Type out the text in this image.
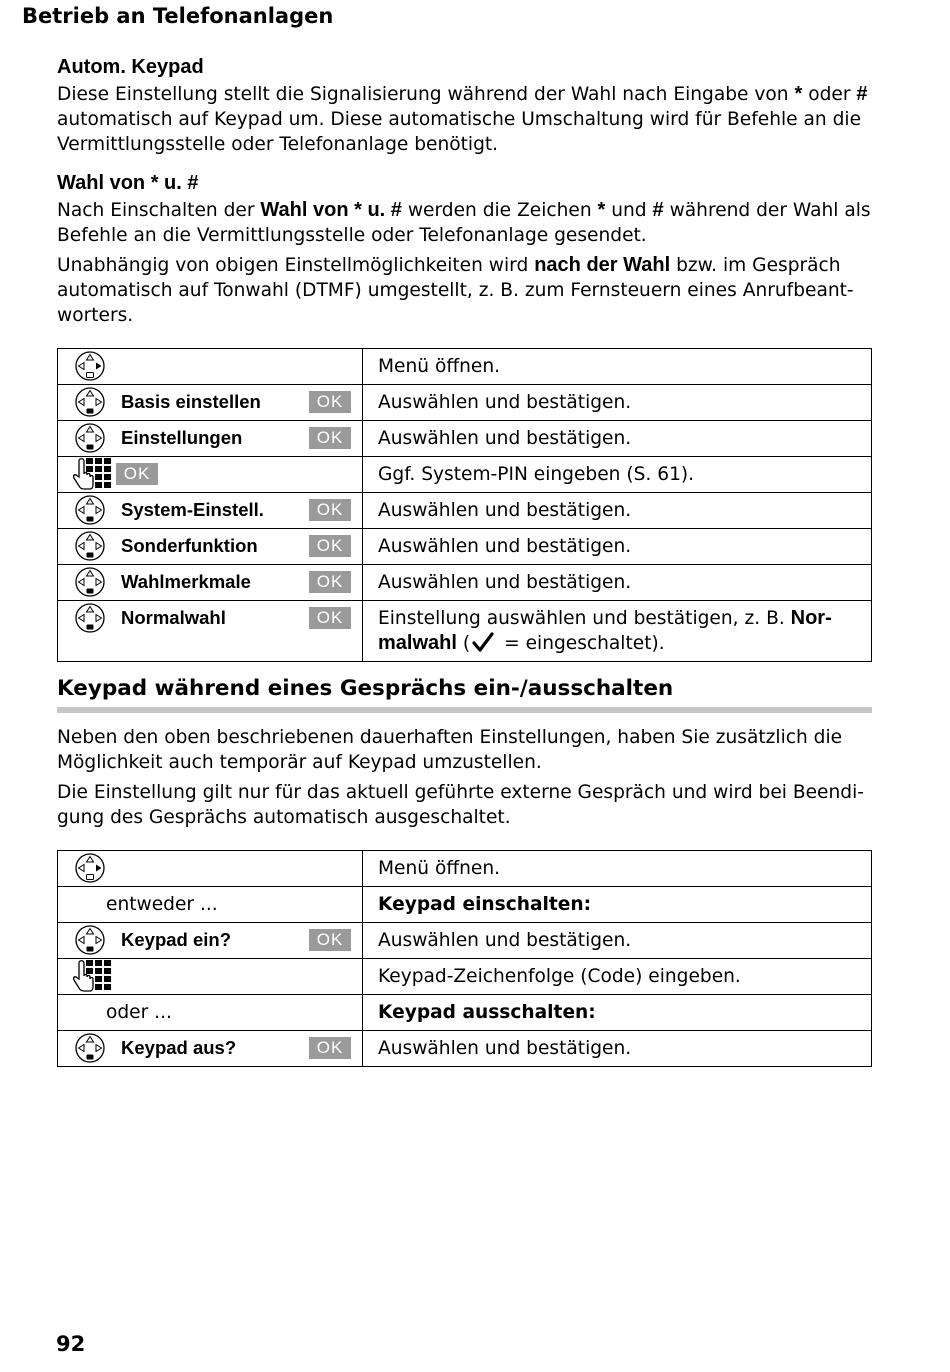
Betrieb an Telefonanlagen
Autom. Keypad

Diese Einstellung stellt die Signalisierung während der Wahl nach Eingabe von * oder # automatisch auf Keypad um. Diese automatische Umschaltung wird für Befehle an die Vermittlungsstelle oder Telefonanlage benötigt.

Wahl von * u. #

Nach Einschalten der Wahl von * u. # werden die Zeichen * und # während der Wahl als Befehle an die Vermittlungsstelle oder Telefonanlage gesendet.

Unabhängig von obigen Einstellmöglichkeiten wird nach der Wahl bzw. im Gespräch automatisch auf Tonwahl (DTMF) umgestellt, z. B. zum Fernsteuern eines Anrufbeant-worters.

	Menü öffnen.

Basis einstellen OK	Auswählen und bestätigen.

Einstellungen OK	Auswählen und bestätigen.

OK	Ggf. System-PIN eingeben (S. 61).

System-Einstell. OK	Auswählen und bestätigen.

Sonderfunktion OK	Auswählen und bestätigen.

Wahlmerkmale OK	Auswählen und bestätigen.

Normalwahl OK	Einstellung auswählen und bestätigen, z. B. Nor-malwahl ( = eingeschaltet).
Keypad während eines Gesprächs ein-/ausschalten

Neben den oben beschriebenen dauerhaften Einstellungen, haben Sie zusätzlich die Möglichkeit auch temporär auf Keypad umzustellen.

Die Einstellung gilt nur für das aktuell geführte externe Gespräch und wird bei Beendi-gung des Gesprächs automatisch ausgeschaltet.

	Menü öffnen.

entweder ...	Keypad einschalten:

Keypad ein? OK	Auswählen und bestätigen.

	Keypad-Zeichenfolge (Code) eingeben.

oder ...	Keypad ausschalten:

Keypad aus? OK	Auswählen und bestätigen.
92
